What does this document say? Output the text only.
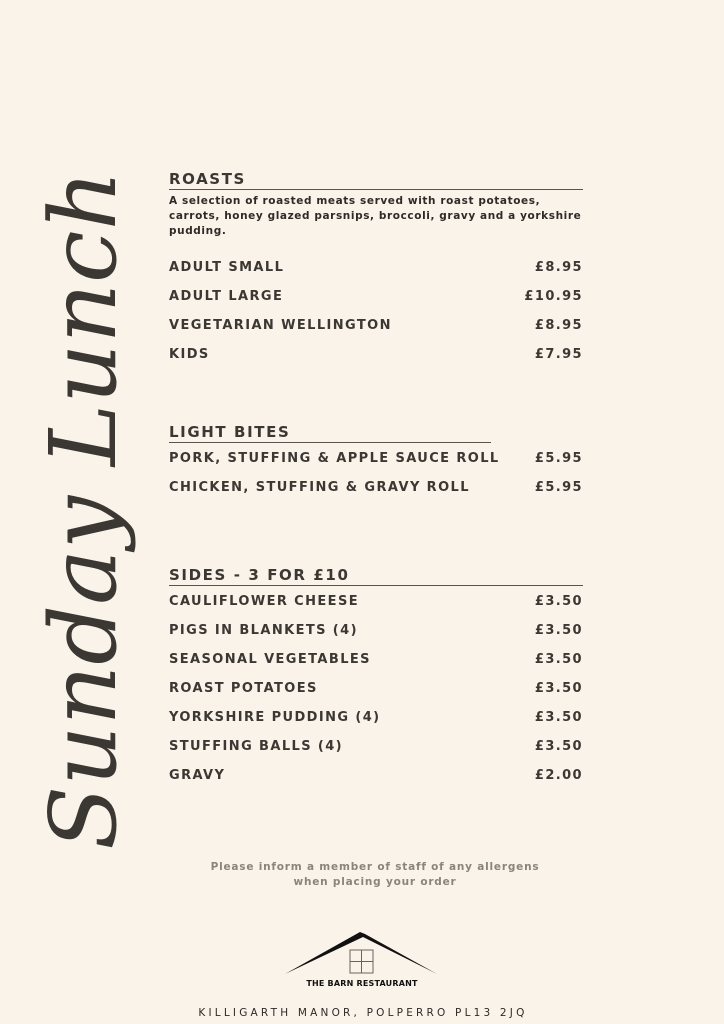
Sunday Lunch
ROASTS
A selection of roasted meats served with roast potatoes, carrots, honey glazed parsnips, broccoli, gravy and a yorkshire pudding.
ADULT SMALL	£8.95
ADULT LARGE	£10.95
VEGETARIAN WELLINGTON	£8.95
KIDS	£7.95
LIGHT BITES
PORK, STUFFING & APPLE SAUCE ROLL	£5.95
CHICKEN, STUFFING & GRAVY ROLL	£5.95
SIDES - 3 FOR £10
CAULIFLOWER CHEESE	£3.50
PIGS IN BLANKETS (4)	£3.50
SEASONAL VEGETABLES	£3.50
ROAST POTATOES	£3.50
YORKSHIRE PUDDING (4)	£3.50
STUFFING BALLS (4)	£3.50
GRAVY	£2.00
Please inform a member of staff of any allergens
when placing your order
THE BARN RESTAURANT
KILLIGARTH MANOR, POLPERRO PL13 2JQ
